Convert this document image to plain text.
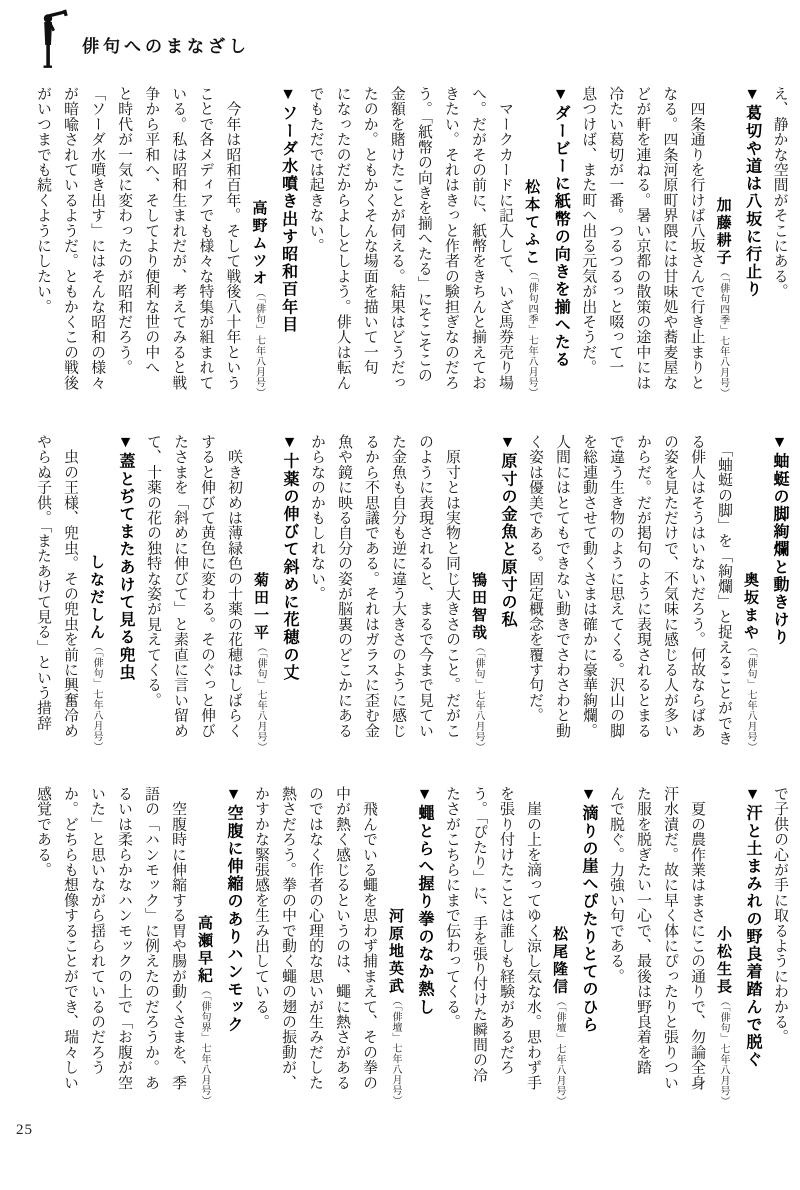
俳句へのまなざし
え、静かな空間がそこにある。
▼葛切や道は八坂に行止り
加藤耕子（「俳句四季」七年八月号）
　四条通りを行けば八坂さんで行き止まりと
なる。四条河原町界隈には甘味処や蕎麦屋な
どが軒を連ねる。暑い京都の散策の途中には
冷たい葛切が一番。つるつるっと啜って一
息つけば、また町へ出る元気が出そうだ。
▼ダービーに紙幣の向きを揃へたる
松本てふこ（「俳句四季」七年八月号）
　マークカードに記入して、いざ馬券売り場
へ。だがその前に、紙幣をきちんと揃えてお
きたい。それはきっと作者の験担ぎなのだろ
う。「紙幣の向きを揃へたる」にそこそこの
金額を賭けたことが伺える。結果はどうだっ
たのか。ともかくそんな場面を描いて一句
になったのだからよしとしよう。俳人は転ん
でもただでは起きない。
▼ソーダ水噴き出す昭和百年目
高野ムツオ（「俳句」七年八月号）
　今年は昭和百年。そして戦後八十年という
ことで各メディアでも様々な特集が組まれて
いる。私は昭和生まれだが、考えてみると戦
争から平和へ、そしてより便利な世の中へ
と時代が一気に変わったのが昭和だろう。
「ソーダ水噴き出す」にはそんな昭和の様々
が暗喩されているようだ。ともかくこの戦後
がいつまでも続くようにしたい。
▼蚰蜓の脚絢爛と動きけり
奥坂まや（「俳句」七年八月号）
　「蚰蜓の脚」を「絢爛」と捉えることができ
る俳人はそうはいないだろう。何故ならばあ
の姿を見ただけで、不気味に感じる人が多い
からだ。だが掲句のように表現されるとまる
で違う生き物のように思えてくる。沢山の脚
を総連動させて動くさまは確かに豪華絢爛。
人間にはとてもできない動きでさわさわと動
く姿は優美である。固定概念を覆す句だ。
▼原寸の金魚と原寸の私
鴇田智哉（「俳句」七年八月号）
　原寸とは実物と同じ大きさのこと。だがこ
のように表現されると、まるで今まで見てい
た金魚も自分も逆に違う大きさのように感じ
るから不思議である。それはガラスに歪む金
魚や鏡に映る自分の姿が脳裏のどこかにある
からなのかもしれない。
▼十薬の伸びて斜めに花穂の丈
菊田一平（「俳句」七年八月号）
　咲き初めは薄緑色の十薬の花穂はしばらく
すると伸びて黄色に変わる。そのぐっと伸び
たさまを「斜めに伸びて」と素直に言い留め
て、十薬の花の独特な姿が見えてくる。
▼蓋とぢてまたあけて見る兜虫
しなだしん（「俳句」七年八月号）
　虫の王様、兜虫。その兜虫を前に興奮冷め
やらぬ子供。「またあけて見る」という措辞
で子供の心が手に取るようにわかる。
▼汗と土まみれの野良着踏んで脱ぐ
小松生長（「俳句」七年八月号）
　夏の農作業はまさにこの通りで、勿論全身
汗水漬だ。故に早く体にぴったりと張りつい
た服を脱ぎたい一心で、最後は野良着を踏
んで脱ぐ。力強い句である。
▼滴りの崖へぴたりとてのひら
松尾隆信（「俳壇」七年八月号）
　崖の上を滴ってゆく涼し気な水。思わず手
を張り付けたことは誰しも経験があるだろ
う。「ぴたり」に、手を張り付けた瞬間の冷
たさがこちらにまで伝わってくる。
▼蠅とらへ握り拳のなか熱し
河原地英武（「俳壇」七年八月号）
　飛んでいる蠅を思わず捕まえて、その拳の
中が熱く感じるというのは、蠅に熱さがある
のではなく作者の心理的な思いが生みだした
熱さだろう。拳の中で動く蠅の翅の振動が、
かすかな緊張感を生み出している。
▼空腹に伸縮のありハンモック
高瀬早紀（「俳句界」七年八月号）
　空腹時に伸縮する胃や腸が動くさまを、季
語の「ハンモック」に例えたのだろうか。あ
るいは柔らかなハンモックの上で「お腹が空
いた」と思いながら揺られているのだろう
か。どちらも想像することができ、瑞々しい
感覚である。
25
